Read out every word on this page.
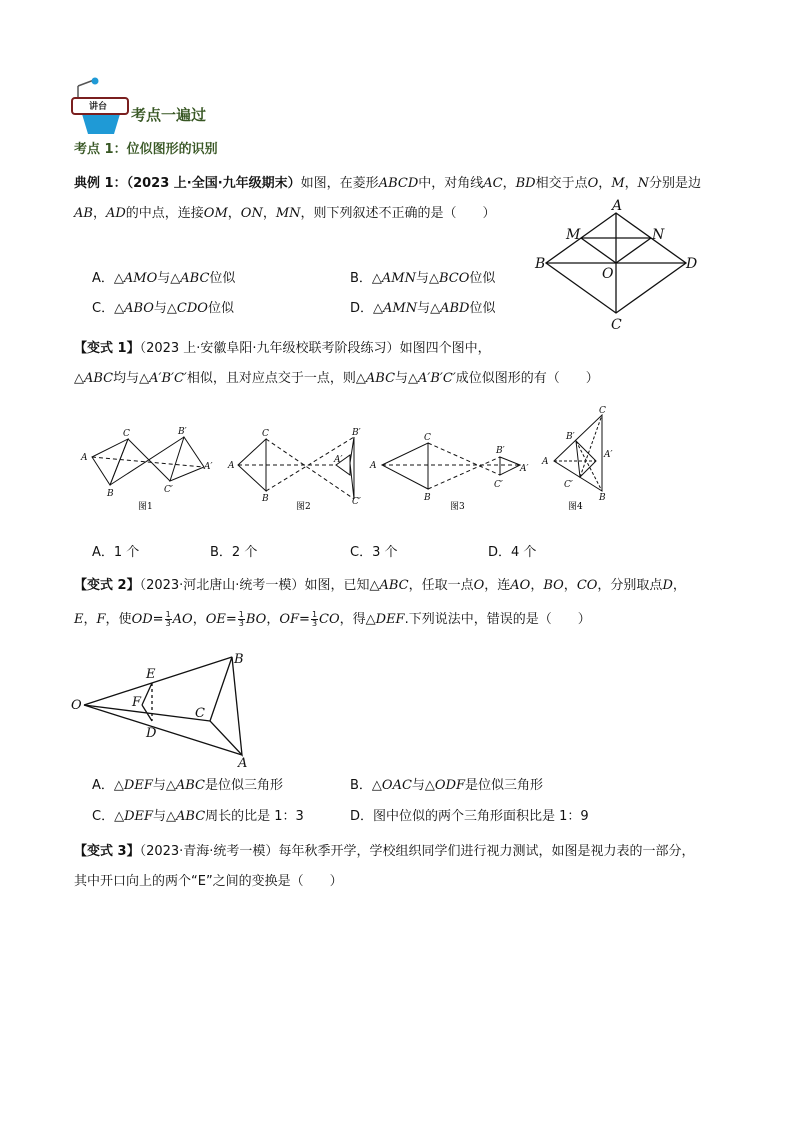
讲台 考点一遍过
考点 1：位似图形的识别
典例 1：（2023 上·全国·九年级期末）如图，在菱形ABCD中，对角线AC，BD相交于点O，M，N分别是边
AB，AD的中点，连接OM，ON，MN，则下列叙述不正确的是（　　）
A．△AMO与△ABC位似	B．△AMN与△BCO位似
C．△ABO与△CDO位似	D．△AMN与△ABD位似
A
B
C
D
M	N
O
【变式 1】（2023 上·安徽阜阳·九年级校联考阶段练习）如图四个图中，
△ABC均与△A′B′C′相似，且对应点交于一点，则△ABC与△A′B′C′成位似图形的有（　　）
A
C
B
B′
A′
C′
图1
A
C
B
B′
A′
C′
图2
A
C
B
B′
A′
C′
图3
A
C
B
B′
A′
C′
图4
A．1 个	B．2 个	C．3 个	D．4 个
【变式 2】（2023·河北唐山·统考一模）如图，已知△ABC，任取一点O，连AO，BO，CO，分别取点D，
E，F，使$OD= \frac{1}{3}$ AO，$OE= \frac{1}{3}$ BO，$OF= \frac{1}{3}$ CO，得△DEF.下列说法中，错误的是（　　）
O
E
F
D
B
C
A
A．△DEF与△ABC是位似三角形	B．△OAC与△ODF是位似三角形
C．△DEF与△ABC周长的比是 1：3	D．图中位似的两个三角形面积比是 1：9
【变式 3】（2023·青海·统考一模）每年秋季开学，学校组织同学们进行视力测试，如图是视力表的一部分，
其中开口向上的两个“E”之间的变换是（　　）
